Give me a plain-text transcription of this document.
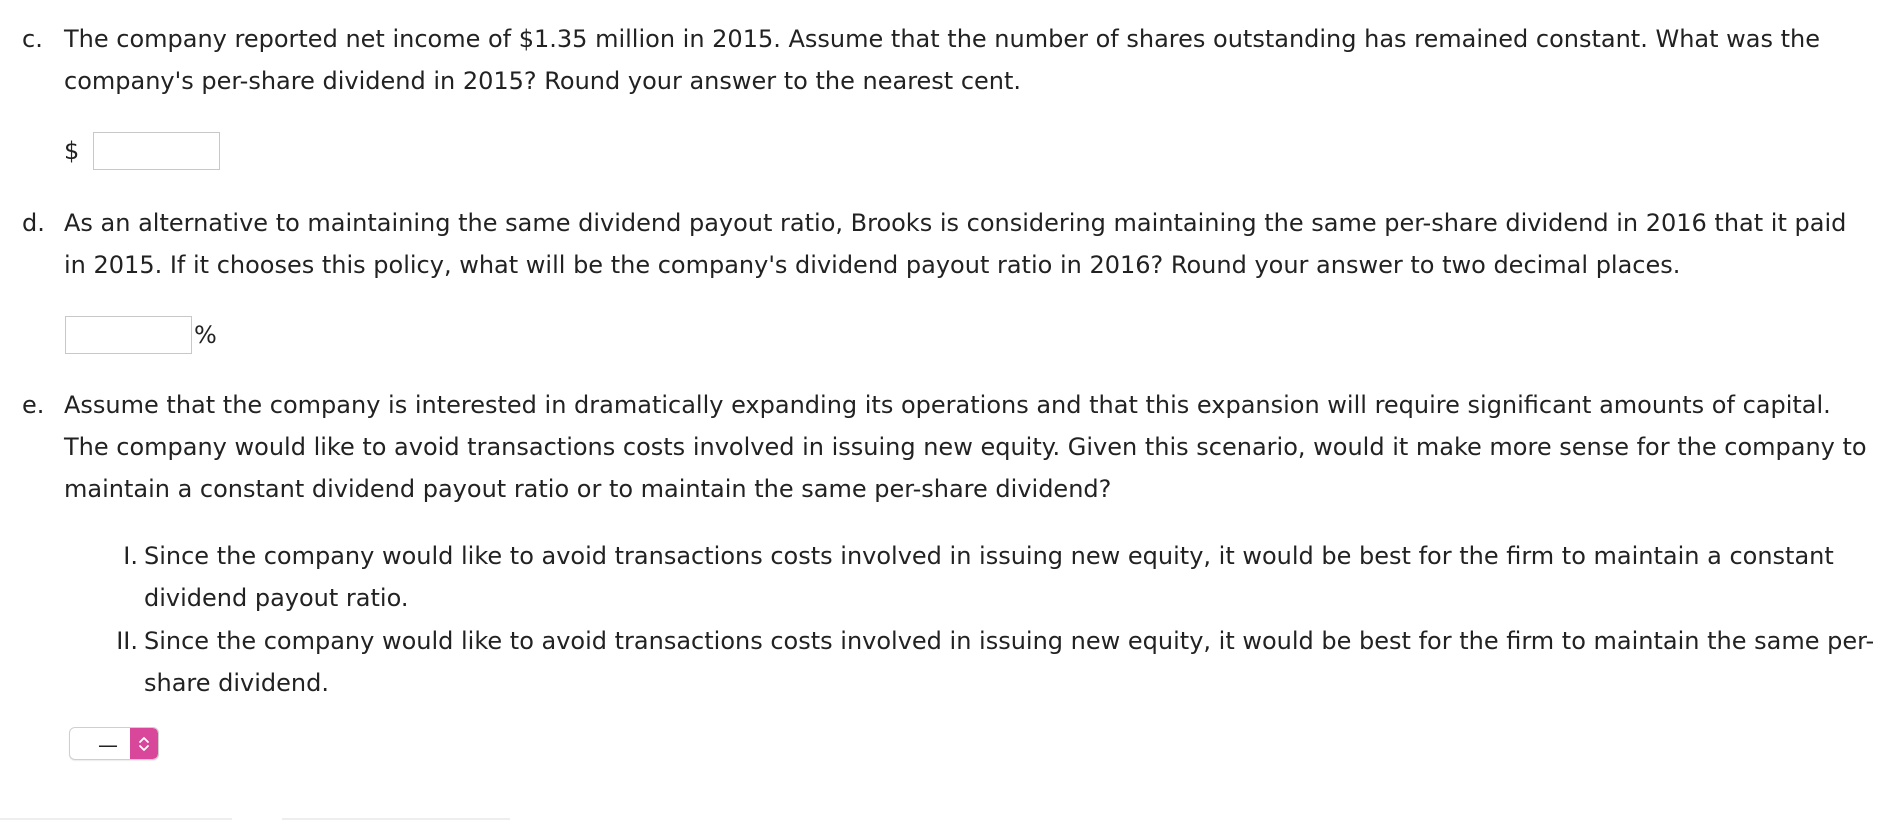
c. The company reported net income of $1.35 million in 2015. Assume that the number of shares outstanding has remained constant. What was the company's per-share dividend in 2015? Round your answer to the nearest cent.
$
d. As an alternative to maintaining the same dividend payout ratio, Brooks is considering maintaining the same per-share dividend in 2016 that it paid in 2015. If it chooses this policy, what will be the company's dividend payout ratio in 2016? Round your answer to two decimal places.
%
e. Assume that the company is interested in dramatically expanding its operations and that this expansion will require significant amounts of capital. The company would like to avoid transactions costs involved in issuing new equity. Given this scenario, would it make more sense for the company to maintain a constant dividend payout ratio or to maintain the same per-share dividend?
I. Since the company would like to avoid transactions costs involved in issuing new equity, it would be best for the firm to maintain a constant dividend payout ratio.
II. Since the company would like to avoid transactions costs involved in issuing new equity, it would be best for the firm to maintain the same per-share dividend.
—
